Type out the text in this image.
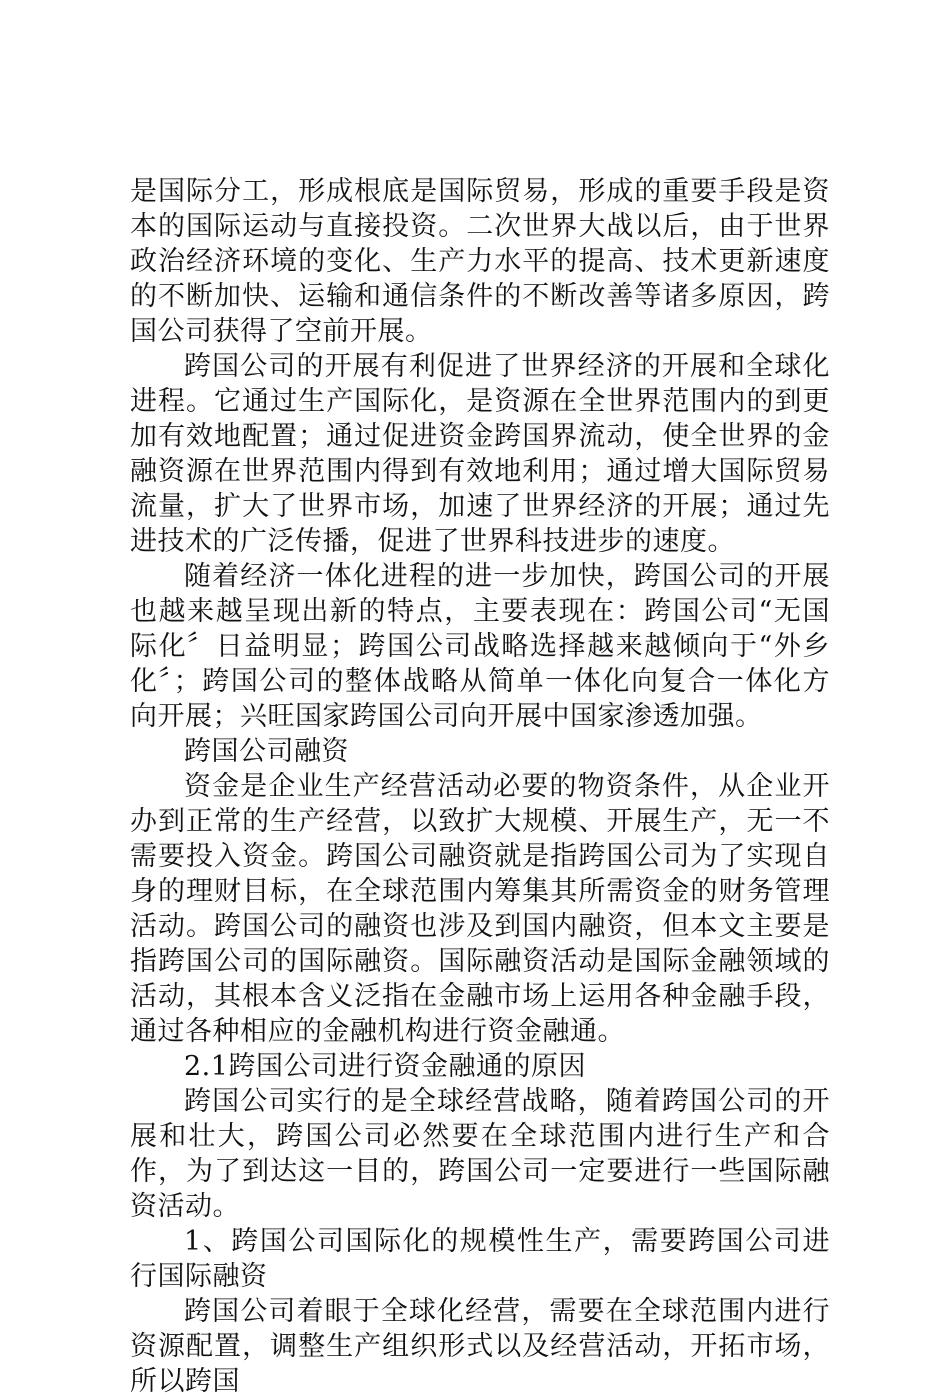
是国际分工，形成根底是国际贸易，形成的重要手段是资本的国际运动与直接投资。二次世界大战以后，由于世界政治经济环境的变化、生产力水平的提高、技术更新速度的不断加快、运输和通信条件的不断改善等诸多原因，跨国公司获得了空前开展。

跨国公司的开展有利促进了世界经济的开展和全球化进程。它通过生产国际化，是资源在全世界范围内的到更加有效地配置；通过促进资金跨国界流动，使全世界的金融资源在世界范围内得到有效地利用；通过增大国际贸易流量，扩大了世界市场，加速了世界经济的开展；通过先进技术的广泛传播，促进了世界科技进步的速度。

随着经济一体化进程的进一步加快，跨国公司的开展也越来越呈现出新的特点，主要表现在：跨国公司“无国际化〞日益明显；跨国公司战略选择越来越倾向于“外乡化〞；跨国公司的整体战略从简单一体化向复合一体化方向开展；兴旺国家跨国公司向开展中国家渗透加强。

跨国公司融资

资金是企业生产经营活动必要的物资条件，从企业开办到正常的生产经营，以致扩大规模、开展生产，无一不需要投入资金。跨国公司融资就是指跨国公司为了实现自身的理财目标，在全球范围内筹集其所需资金的财务管理活动。跨国公司的融资也涉及到国内融资，但本文主要是指跨国公司的国际融资。国际融资活动是国际金融领域的活动，其根本含义泛指在金融市场上运用各种金融手段，通过各种相应的金融机构进行资金融通。

2.1跨国公司进行资金融通的原因

跨国公司实行的是全球经营战略，随着跨国公司的开展和壮大，跨国公司必然要在全球范围内进行生产和合作，为了到达这一目的，跨国公司一定要进行一些国际融资活动。

1、跨国公司国际化的规模性生产，需要跨国公司进行国际融资

跨国公司着眼于全球化经营，需要在全球范围内进行资源配置，调整生产组织形式以及经营活动，开拓市场，所以跨国
